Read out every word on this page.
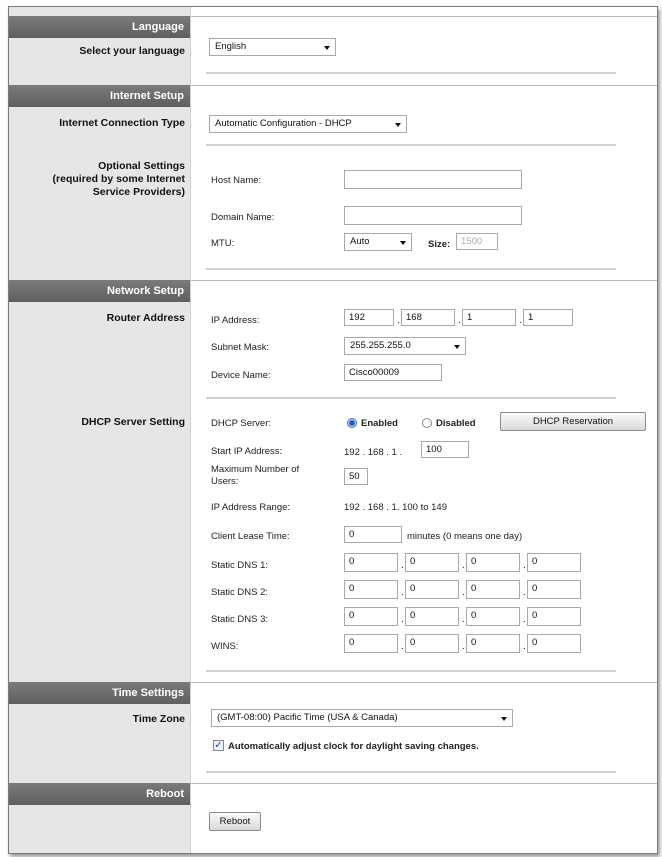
Language
Select your language	English
Internet Setup
Internet Connection Type	Automatic Configuration - DHCP
Optional Settings
(required by some Internet
Service Providers)
Host Name:
Domain Name:
MTU:	Auto	Size:	1500
Network Setup
Router Address	IP Address:	192	. 168	. 1	. 1
Subnet Mask:	255.255.255.0
Device Name:	Cisco00009
DHCP Server Setting	DHCP Server:	Enabled	Disabled	DHCP Reservation
Start IP Address:	192 . 168 . 1 .	100
Maximum Number of
Users:	50
IP Address Range:	192 . 168 . 1. 100 to 149
Client Lease Time:	0	minutes (0 means one day)
Static DNS 1:	0	. 0	. 0	. 0
Static DNS 2:	0	. 0	. 0	. 0
Static DNS 3:	0	. 0	. 0	. 0
WINS:	0	. 0	. 0	. 0
Time Settings
Time Zone	(GMT-08:00) Pacific Time (USA & Canada)
✓ Automatically adjust clock for daylight saving changes.
Reboot
Reboot
